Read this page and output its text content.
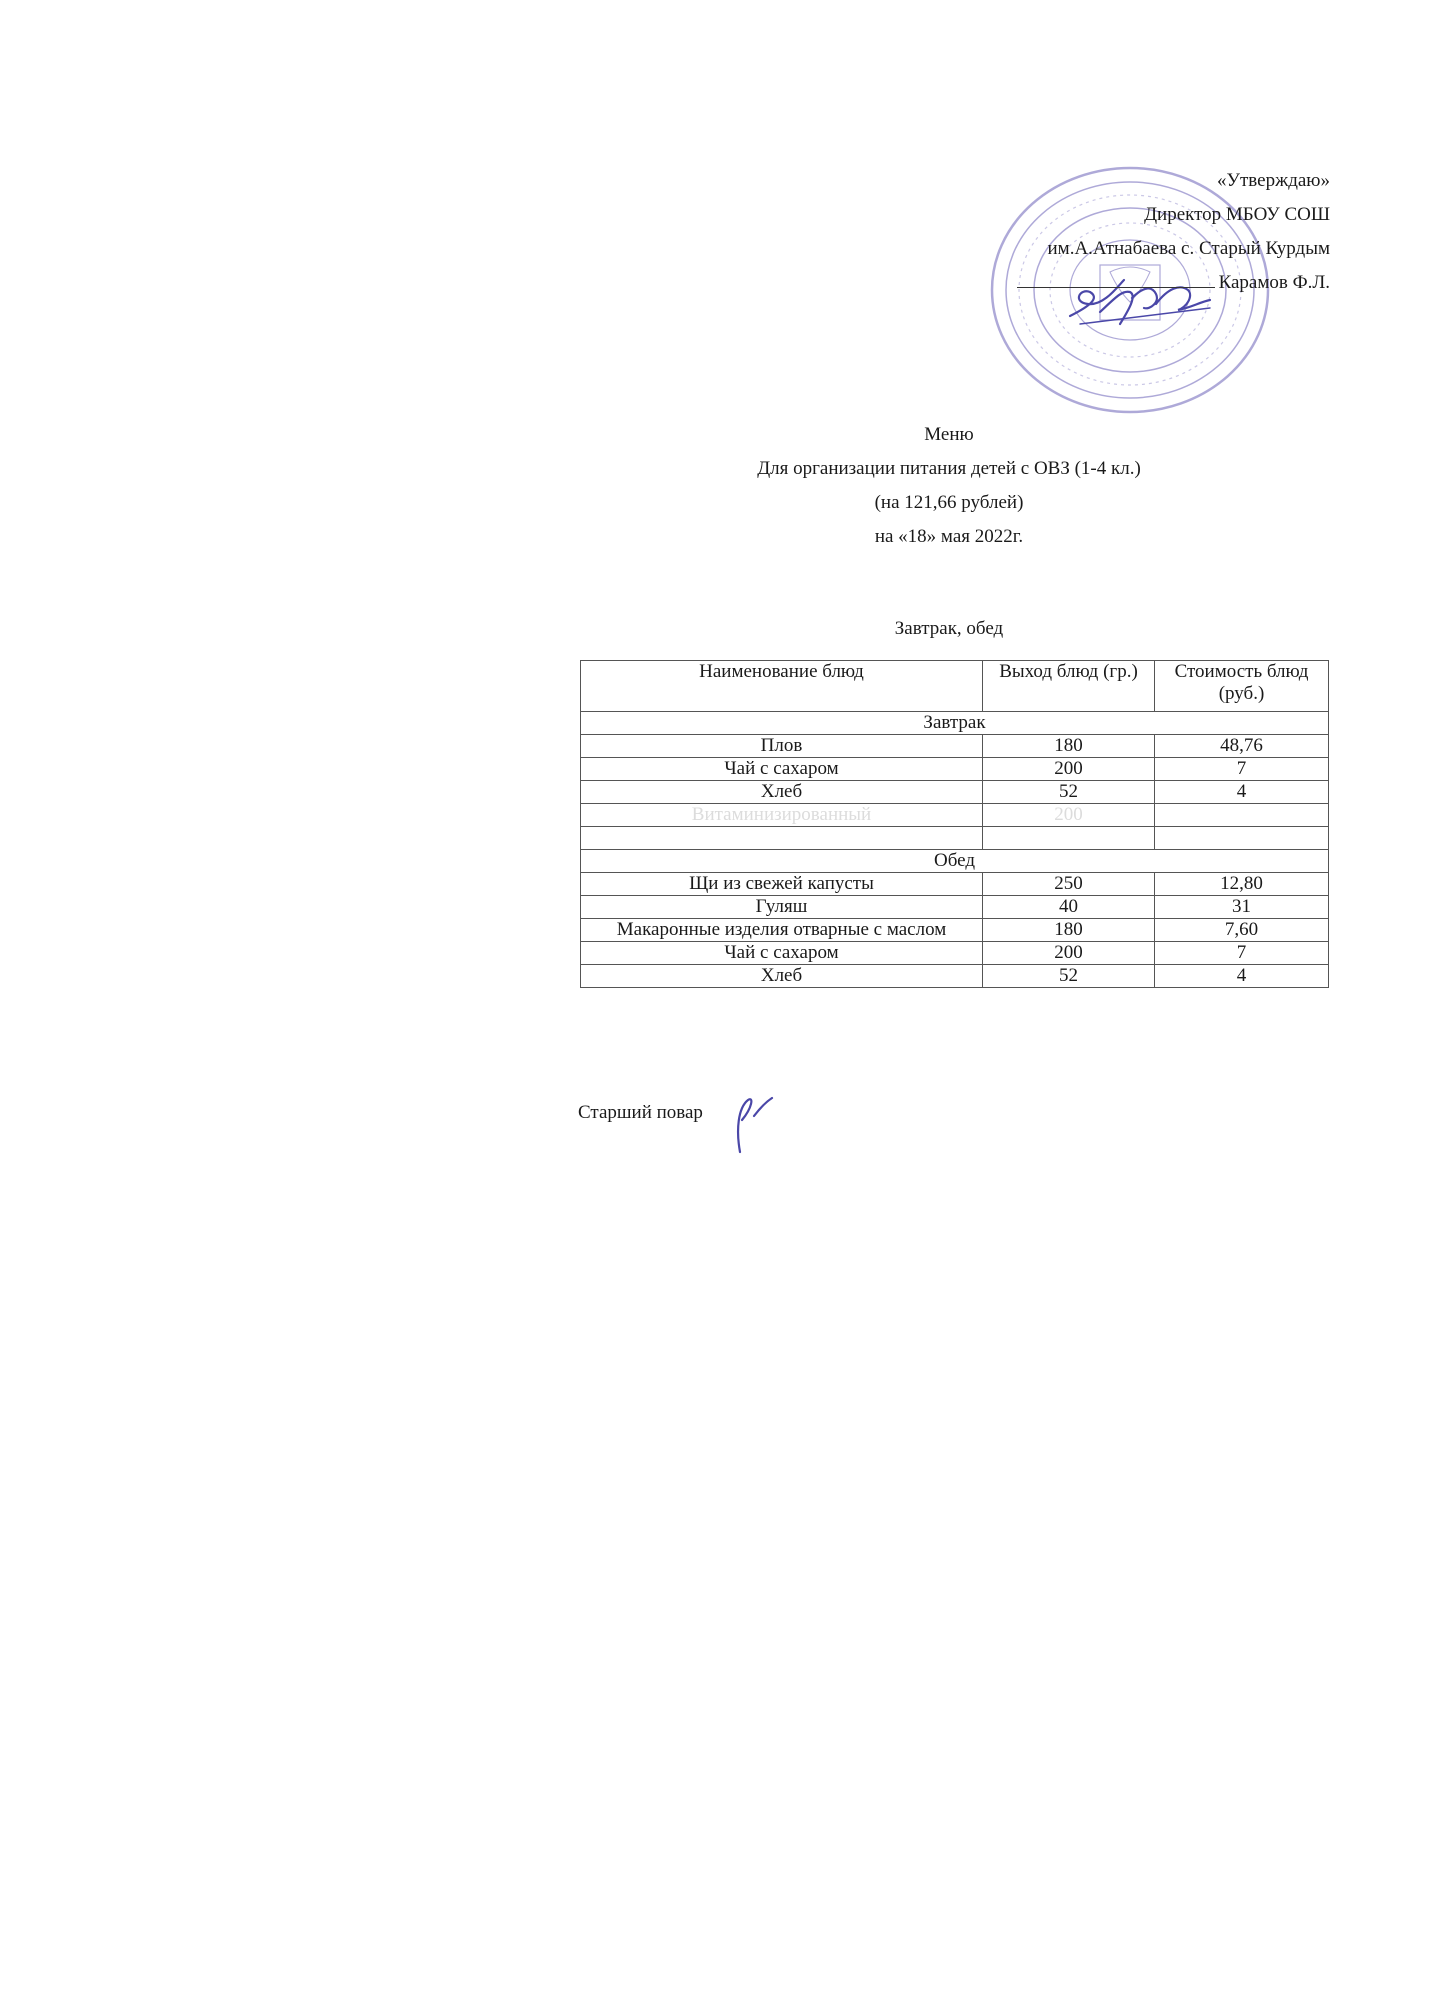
«Утверждаю»
Директор МБОУ СОШ
им.А.Атнабаева с. Старый Курдым
Карамов Ф.Л.
Меню
Для организации питания детей с ОВЗ (1-4 кл.)
(на 121,66 рублей)
на «18» мая 2022г.
Завтрак, обед
Наименование блюд	Выход блюд (гр.)	Стоимость блюд (руб.)
Завтрак		
Плов	180	48,76
Чай с сахаром	200	7
Хлеб	52	4
Витаминизированный	200	

Обед		
Щи из свежей капусты	250	12,80
Гуляш	40	31
Макаронные изделия отварные с маслом	180	7,60
Чай с сахаром	200	7
Хлеб	52	4
Старший повар
